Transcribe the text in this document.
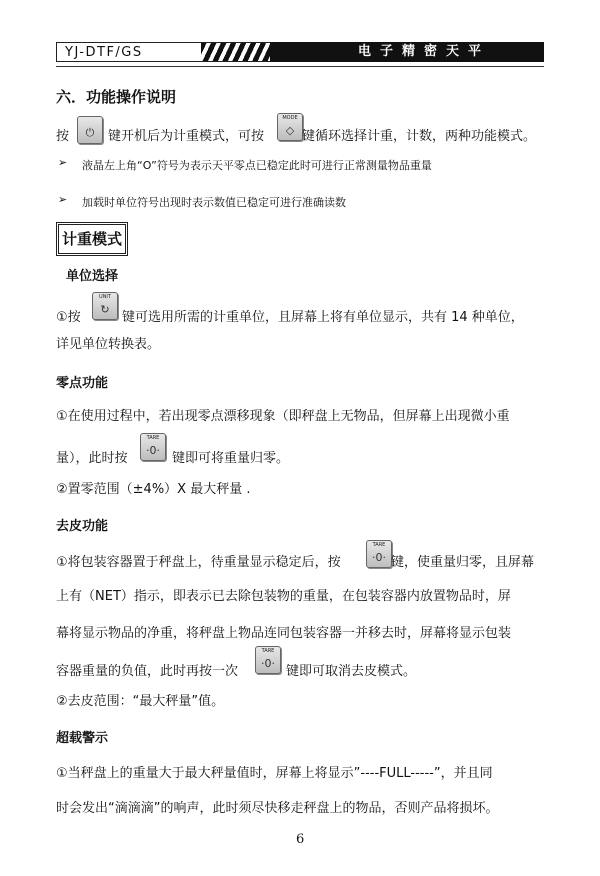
YJ-DTF/GS	电子精密天平
六．功能操作说明
按	⏻	键开机后为计重模式，可按
MODE
◇ 键循环选择计重，计数，两种功能模式。
➢ 液晶左上角“O”符号为表示天平零点已稳定此时可进行正常测量物品重量
➢ 加载时单位符号出现时表示数值已稳定可进行准确读数
计重模式
单位选择
①按
UNIT
↻
键可选用所需的计重单位，且屏幕上将有单位显示，共有 14 种单位，
详见单位转换表。
零点功能
①在使用过程中，若出现零点漂移现象（即秤盘上无物品，但屏幕上出现微小重
量），此时按
TARE
·0·
键即可将重量归零。
②置零范围（±4%）X 最大秤量 .
去皮功能
①将包装容器置于秤盘上，待重量显示稳定后，按
TARE
·0· 键，使重量归零，且屏幕
上有（NET）指示，即表示已去除包装物的重量，在包装容器内放置物品时，屏
幕将显示物品的净重，将秤盘上物品连同包装容器一并移去时，屏幕将显示包装
容器重量的负值，此时再按一次
TARE
·0·
键即可取消去皮模式。
②去皮范围：“最大秤量”值。
超载警示
①当秤盘上的重量大于最大秤量值时，屏幕上将显示”----FULL-----”，并且同
时会发出“滴滴滴”的响声，此时须尽快移走秤盘上的物品，否则产品将损坏。
6
